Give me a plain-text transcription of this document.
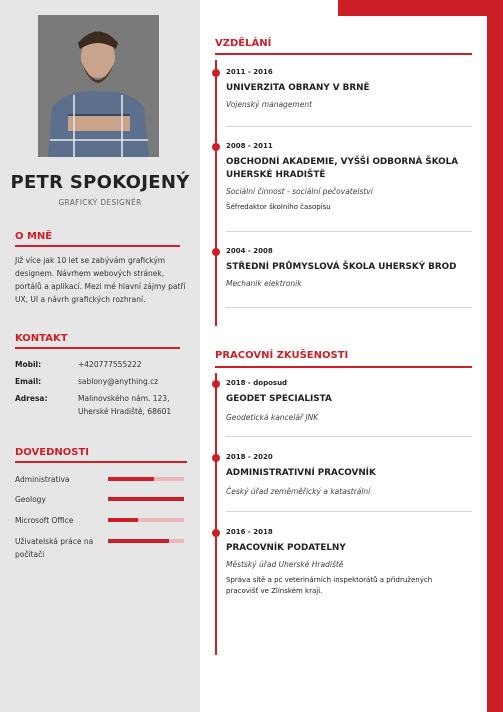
PETR SPOKOJENÝ
GRAFICKÝ DESIGNÉR
O MNĚ
Již více jak 10 let se zabývám grafickým designem. Návrhem webových stránek, portálů a aplikací. Mezi mé hlavní zájmy patří UX, UI a návrh grafických rozhraní.
KONTAKT
Mobil:	+420777555222
Email:	sablony@anything.cz
Adresa:	Malinovského nám. 123, Uherské Hradiště, 68601
DOVEDNOSTI
Administrativa
Geology
Microsoft Office
Uživatelská práce na počítači
VZDĚLÁNÍ
2011 - 2016
UNIVERZITA OBRANY V BRNĚ
Vojenský management
2008 - 2011
OBCHODNÍ AKADEMIE, VYŠŠÍ ODBORNÁ ŠKOLA UHERSKÉ HRADIŠTĚ
Sociální činnost - sociální pečovatelství
Šéfredaktor školního časopisu
2004 - 2008
STŘEDNÍ PRŮMYSLOVÁ ŠKOLA UHERSKÝ BROD
Mechanik elektronik
PRACOVNÍ ZKUŠENOSTI
2018 - doposud
GEODET SPECIALISTA
Geodetická kancelář JNK
2018 - 2020
ADMINISTRATIVNÍ PRACOVNÍK
Český úřad zeměměřický a katastrální
2016 - 2018
PRACOVNÍK PODATELNY
Městský úřad Uherské Hradiště
Správa sítě a pc veterinárních inspektorátů a přidružených pracovišť ve Zlínském kraji.
